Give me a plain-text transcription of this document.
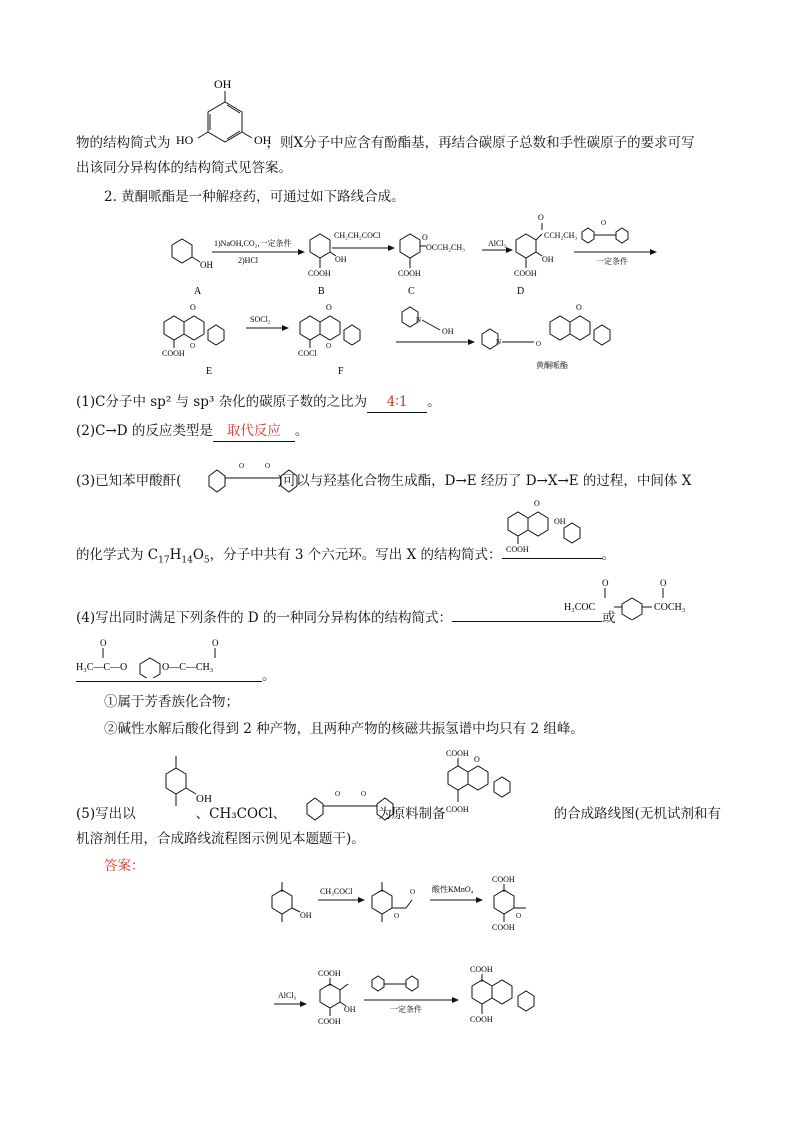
OH
HO	OH
物的结构简式为	，则X分子中应含有酚酯基，再结合碳原子总数和手性碳原子的要求可写
出该同分异构体的结构简式见答案。
2. 黄酮哌酯是一种解痉药，可通过如下路线合成。
OH
A
1)NaOH,CO₂,一定条件
2)HCl	OH
COOH
B
CH₂CH₂COCl	O
OCCH₂CH₃
COOH
C
AlCl₃
O
CCH₂CH₃
OH
COOH
D
O
一定条件
O
O
COOH
E
SOCl₂
O
O
COCl
F
N
OH
N	O
O
黄酮哌酯
(1)C分子中 sp² 与 sp³ 杂化的碳原子数的之比为 4∶1 。
(2)C→D 的反应类型是 取代反应 。
(3)已知苯甲酸酐(	)可以与羟基化合物生成酯，D→E 经历了 D→X→E 的过程，中间体 X
O	O
的化学式为 $C_{17}H_{14}O_5$，分子中共有 3 个六元环。写出 X 的结构简式：	。
O
OH
COOH
(4)写出同时满足下列条件的 D 的一种同分异构体的结构简式：	或
O
H₃COC
O
COCH₃
O
H₃C—C—O
O
O—C—CH₃
。
①属于芳香族化合物；
②碱性水解后酸化得到 2 种产物，且两种产物的核磁共振氢谱中均只有 2 组峰。
(5)写出以	、CH₃COCl、	为原料制备	的合成路线图(无机试剂和有
OH	O	O
COOH
O
COOH
机溶剂任用，合成路线流程图示例见本题题干)。
答案：
OH
CH₃COCl
O
O 酸性KMnO₄
COOH
O
COOH
AlCl₃
COOH
OH
COOH
一定条件
COOH
COOH
